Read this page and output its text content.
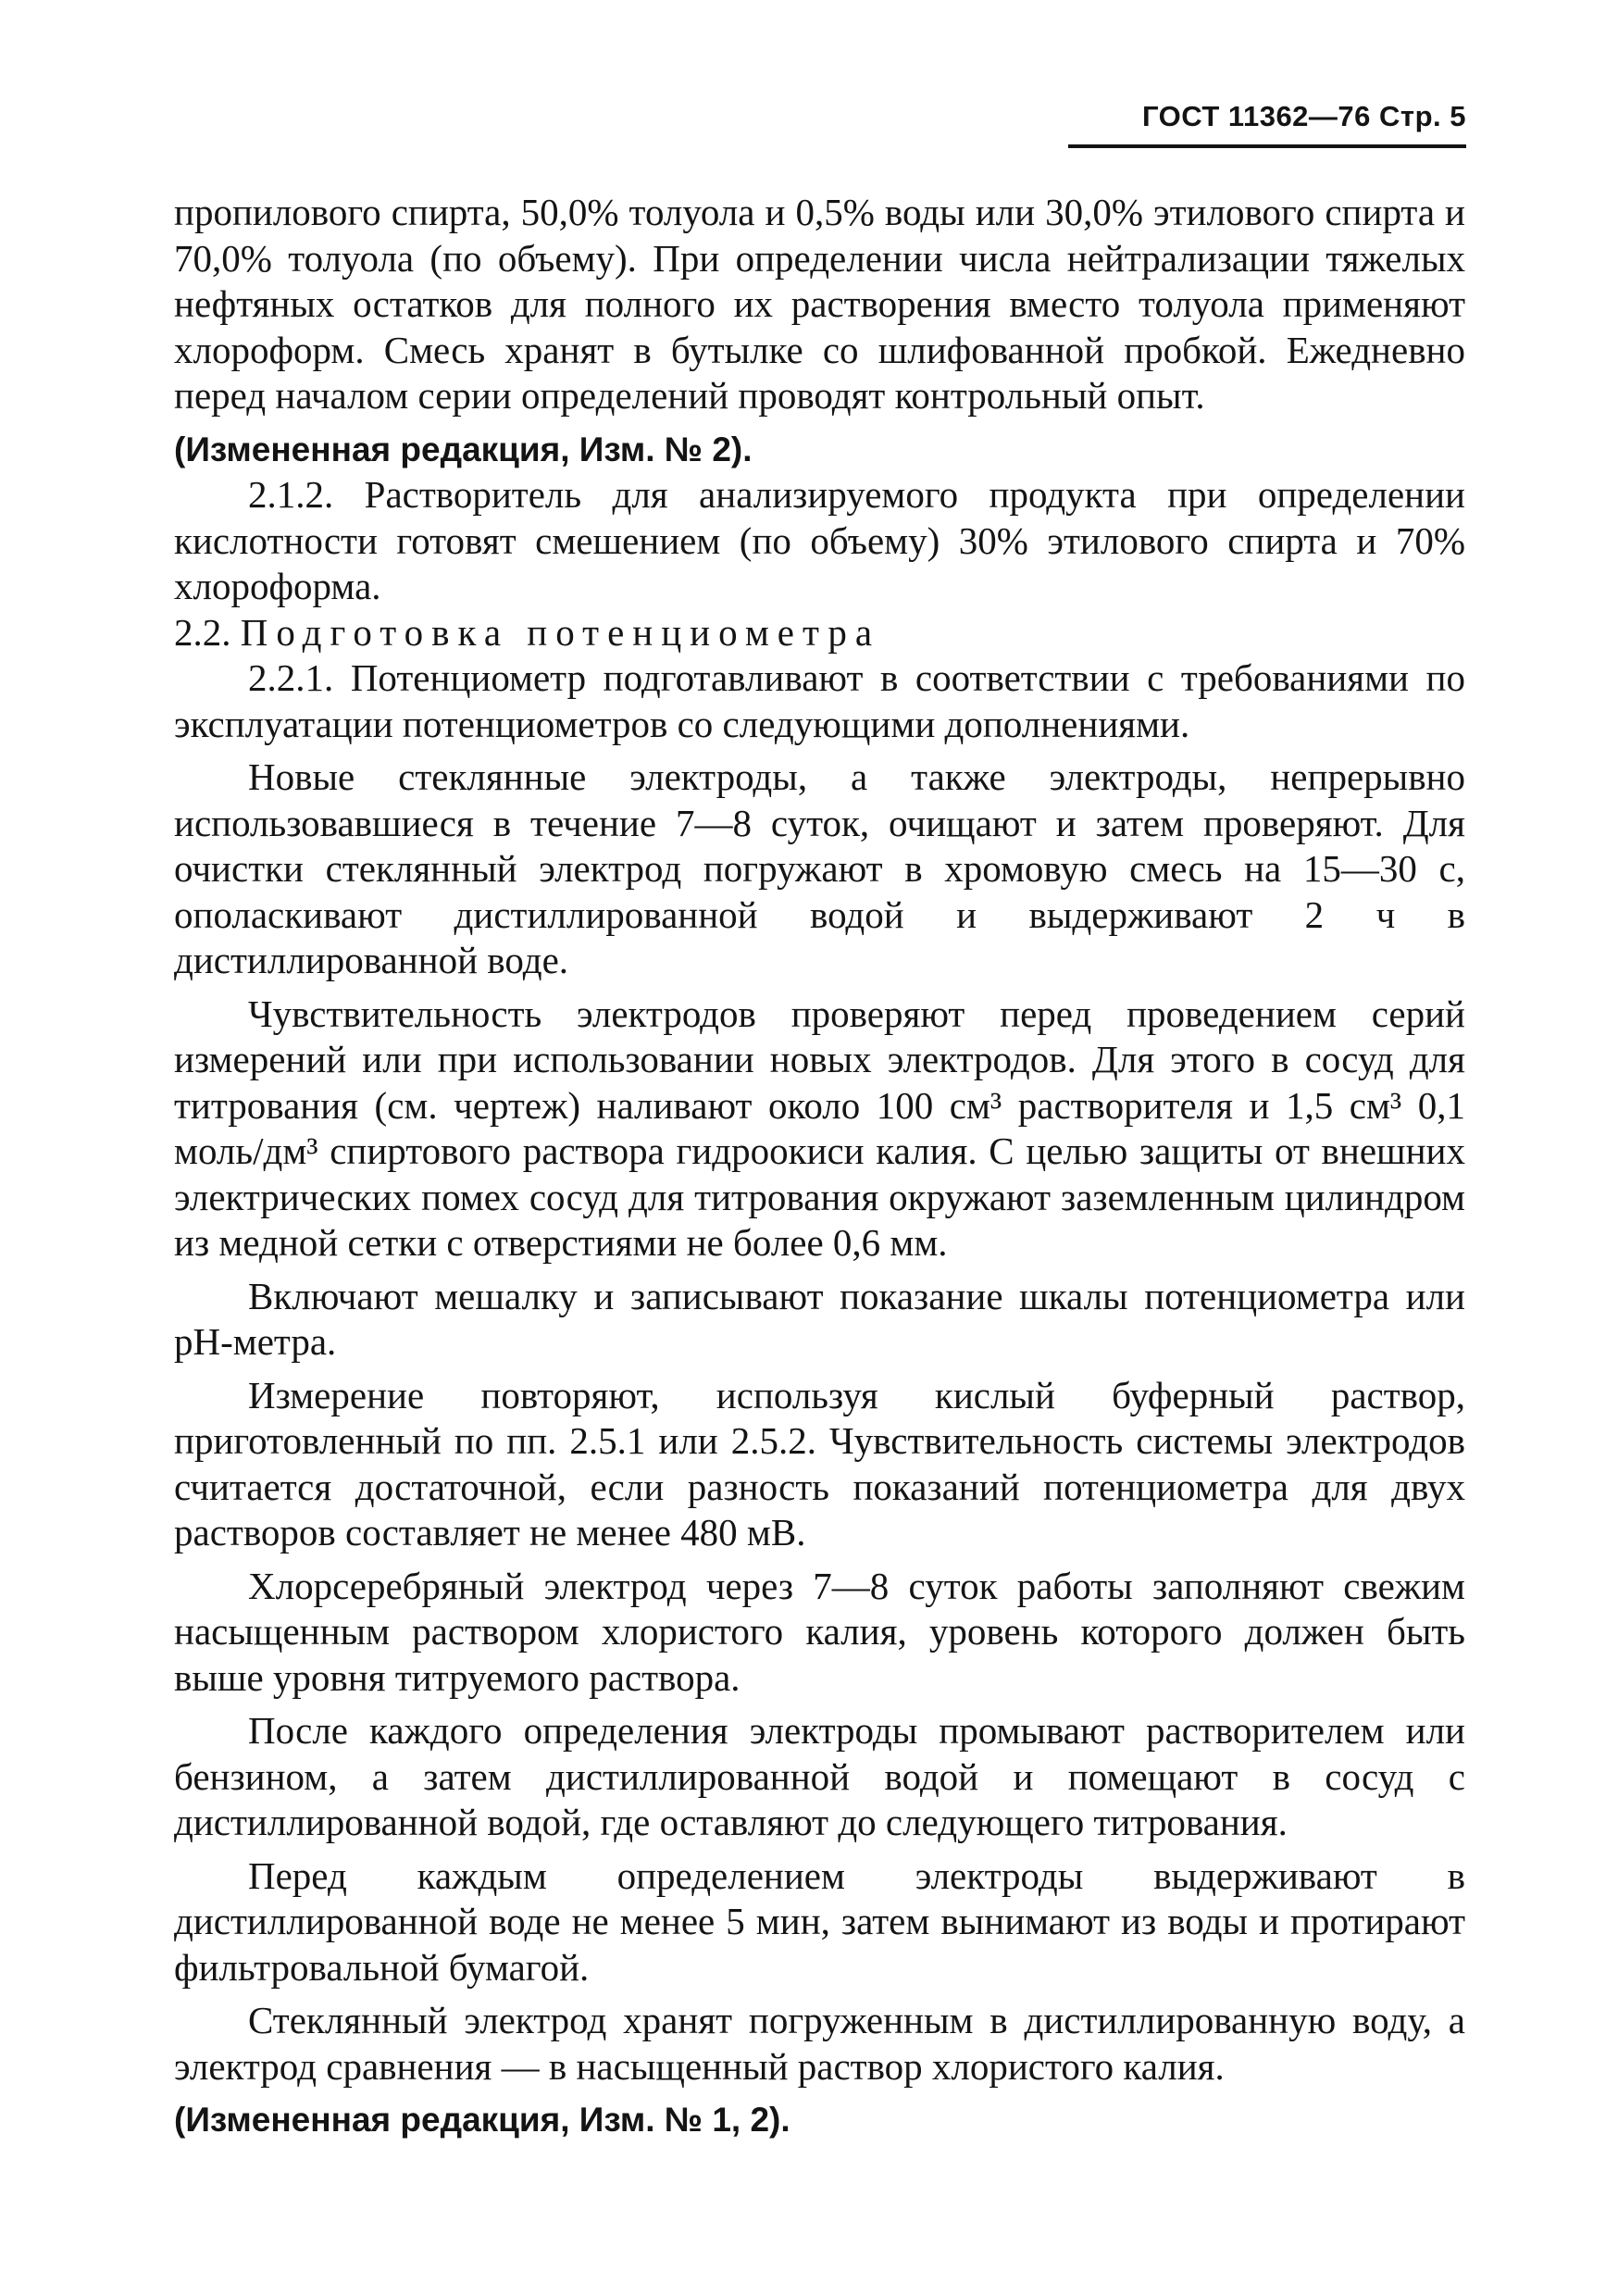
ГОСТ 11362—76 Стр. 5

пропилового спирта, 50,0% толуола и 0,5% воды или 30,0% этилового спирта и 70,0% толуола (по объему). При определении числа нейтрализации тяжелых нефтяных остатков для полного их растворения вместо толуола применяют хлороформ. Смесь хранят в бутылке со шлифованной пробкой. Ежедневно перед началом серии определений проводят контрольный опыт.

(Измененная редакция, Изм. № 2).

2.1.2. Растворитель для анализируемого продукта при определении кислотности готовят смешением (по объему) 30% этилового спирта и 70% хлороформа.

2.2. Подготовка потенциометра

2.2.1. Потенциометр подготавливают в соответствии с требованиями по эксплуатации потенциометров со следующими дополнениями.

Новые стеклянные электроды, а также электроды, непрерывно использовавшиеся в течение 7—8 суток, очищают и затем проверяют. Для очистки стеклянный электрод погружают в хромовую смесь на 15—30 с, ополаскивают дистиллированной водой и выдерживают 2 ч в дистиллированной воде.

Чувствительность электродов проверяют перед проведением серий измерений или при использовании новых электродов. Для этого в сосуд для титрования (см. чертеж) наливают около 100 см³ растворителя и 1,5 см³ 0,1 моль/дм³ спиртового раствора гидроокиси калия. С целью защиты от внешних электрических помех сосуд для титрования окружают заземленным цилиндром из медной сетки с отверстиями не более 0,6 мм.

Включают мешалку и записывают показание шкалы потенциометра или pH-метра.

Измерение повторяют, используя кислый буферный раствор, приготовленный по пп. 2.5.1 или 2.5.2. Чувствительность системы электродов считается достаточной, если разность показаний потенциометра для двух растворов составляет не менее 480 мВ.

Хлорсеребряный электрод через 7—8 суток работы заполняют свежим насыщенным раствором хлористого калия, уровень которого должен быть выше уровня титруемого раствора.

После каждого определения электроды промывают растворителем или бензином, а затем дистиллированной водой и помещают в сосуд с дистиллированной водой, где оставляют до следующего титрования.

Перед каждым определением электроды выдерживают в дистиллированной воде не менее 5 мин, затем вынимают из воды и протирают фильтровальной бумагой.

Стеклянный электрод хранят погруженным в дистиллированную воду, а электрод сравнения — в насыщенный раствор хлористого калия.

(Измененная редакция, Изм. № 1, 2).
